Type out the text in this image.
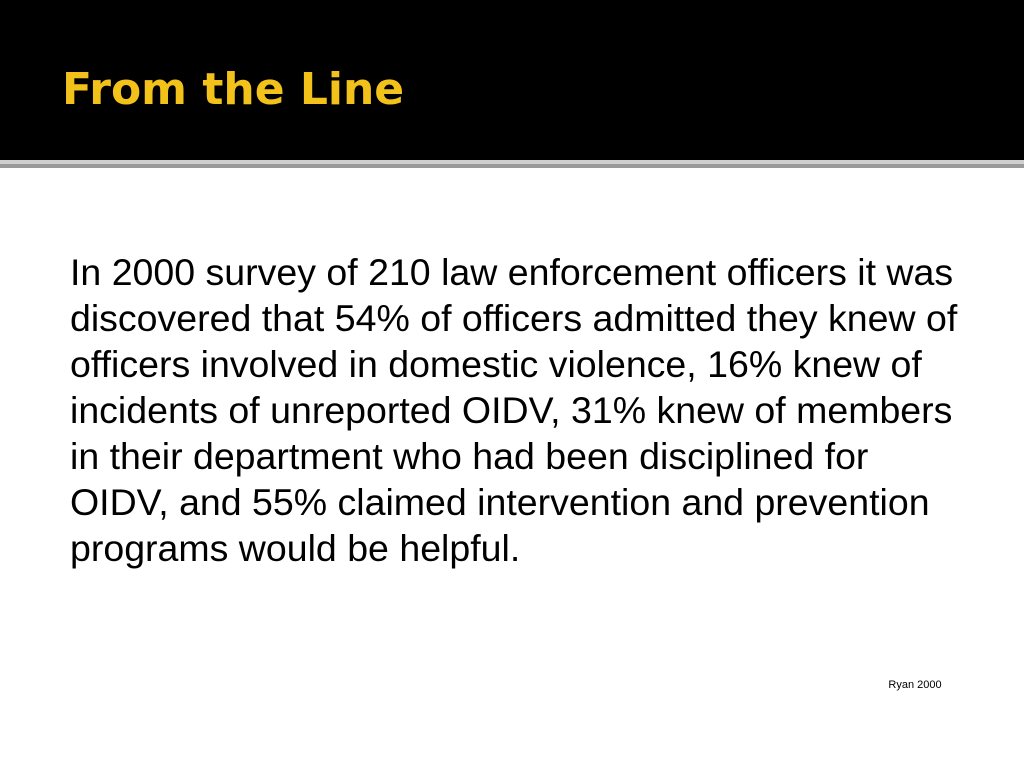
From the Line

In 2000 survey of 210 law enforcement officers it was discovered that 54% of officers admitted they knew of officers involved in domestic violence, 16% knew of incidents of unreported OIDV, 31% knew of members in their department who had been disciplined for OIDV, and 55% claimed intervention and prevention programs would be helpful.

Ryan 2000
